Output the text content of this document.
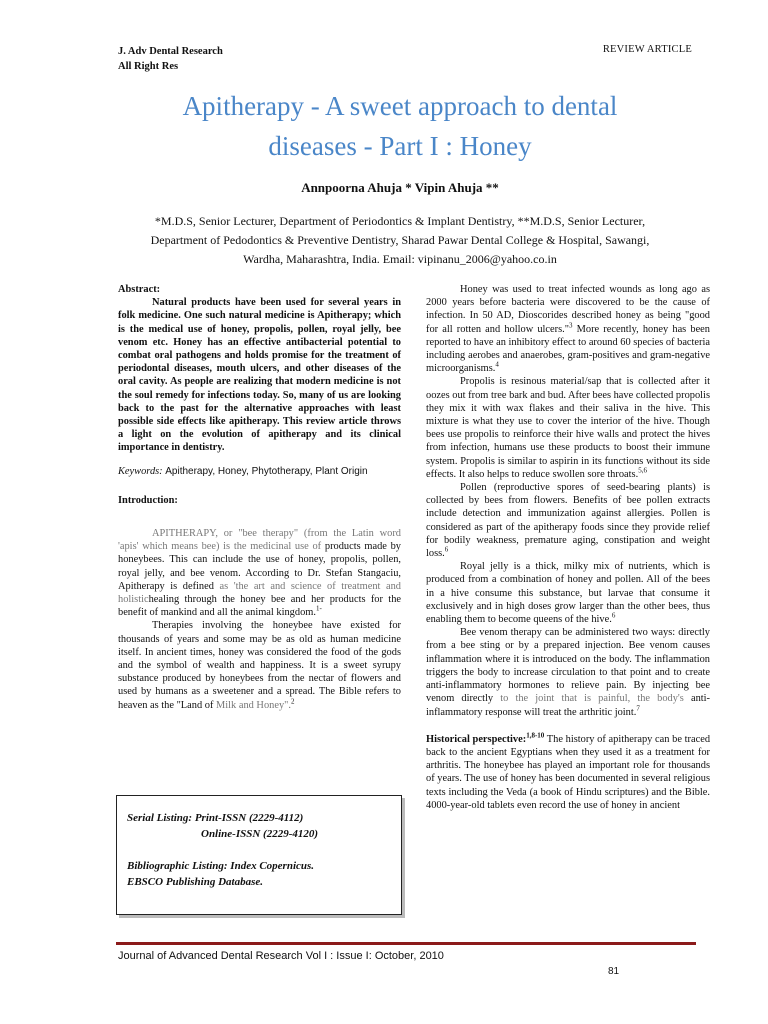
J. Adv Dental Research
All Right Res
REVIEW ARTICLE
Apitherapy - A sweet approach to dental
diseases - Part I : Honey
Annpoorna Ahuja * Vipin Ahuja **
*M.D.S, Senior Lecturer, Department of Periodontics & Implant Dentistry, **M.D.S, Senior Lecturer,
Department of Pedodontics & Preventive Dentistry, Sharad Pawar Dental College & Hospital, Sawangi,
Wardha, Maharashtra, India. Email: vipinanu_2006@yahoo.co.in

Abstract:

Natural products have been used for several years in folk medicine. One such natural medicine is Apitherapy; which is the medical use of honey, propolis, pollen, royal jelly, bee venom etc. Honey has an effective antibacterial potential to combat oral pathogens and holds promise for the treatment of periodontal diseases, mouth ulcers, and other diseases of the oral cavity. As people are realizing that modern medicine is not the soul remedy for infections today. So, many of us are looking back to the past for the alternative approaches with least possible side effects like apitherapy. This review article throws a light on the evolution of apitherapy and its clinical importance in dentistry.

Keywords: Apitherapy, Honey, Phytotherapy, Plant Origin

Introduction:

APITHERAPY, or "bee therapy" (from the Latin word 'apis' which means bee) is the medicinal use of products made by honeybees. This can include the use of honey, propolis, pollen, royal jelly, and bee venom. According to Dr. Stefan Stangaciu, Apitherapy is defined as 'the art and science of treatment and holistichealing through the honey bee and her products for the benefit of mankind and all the animal kingdom.$^{1-}$

Therapies involving the honeybee have existed for thousands of years and some may be as old as human medicine itself. In ancient times, honey was considered the food of the gods and the symbol of wealth and happiness. It is a sweet syrupy substance produced by honeybees from the nectar of flowers and used by humans as a sweetener and a spread. The Bible refers to heaven as the "Land of Milk and Honey".$^2$

Serial Listing: Print-ISSN (2229-4112)

Online-ISSN (2229-4120)

Bibliographic Listing: Index Copernicus.

EBSCO Publishing Database.

Honey was used to treat infected wounds as long ago as 2000 years before bacteria were discovered to be the cause of infection. In 50 AD, Dioscorides described honey as being "good for all rotten and hollow ulcers."$^3$ More recently, honey has been reported to have an inhibitory effect to around 60 species of bacteria including aerobes and anaerobes, gram-positives and gram-negative microorganisms.$^4$

Propolis is resinous material/sap that is collected after it oozes out from tree bark and bud. After bees have collected propolis they mix it with wax flakes and their saliva in the hive. This mixture is what they use to cover the interior of the hive. Though bees use propolis to reinforce their hive walls and protect the hives from infection, humans use these products to boost their immune system. Propolis is similar to aspirin in its functions without its side effects. It also helps to reduce swollen sore throats.$^{5,6}$

Pollen (reproductive spores of seed-bearing plants) is collected by bees from flowers. Benefits of bee pollen extracts include detection and immunization against allergies. Pollen is considered as part of the apitherapy foods since they provide relief for bodily weakness, premature aging, constipation and weight loss.$^6$

Royal jelly is a thick, milky mix of nutrients, which is produced from a combination of honey and pollen. All of the bees in a hive consume this substance, but larvae that consume it exclusively and in high doses grow larger than the other bees, thus enabling them to become queens of the hive.$^6$

Bee venom therapy can be administered two ways: directly from a bee sting or by a prepared injection. Bee venom causes inflammation where it is introduced on the body. The inflammation triggers the body to increase circulation to that point and to create anti-inflammatory hormones to relieve pain. By injecting bee venom directly to the joint that is painful, the body's anti-inflammatory response will treat the arthritic joint.$^7$

Historical perspective:$^{1,8-10}$ The history of apitherapy can be traced back to the ancient Egyptians when they used it as a treatment for arthritis. The honeybee has played an important role for thousands of years. The use of honey has been documented in several religious texts including the Veda (a book of Hindu scriptures) and the Bible. 4000-year-old tablets even record the use of honey in ancient

Journal of Advanced Dental Research Vol I : Issue I: October, 2010
81
